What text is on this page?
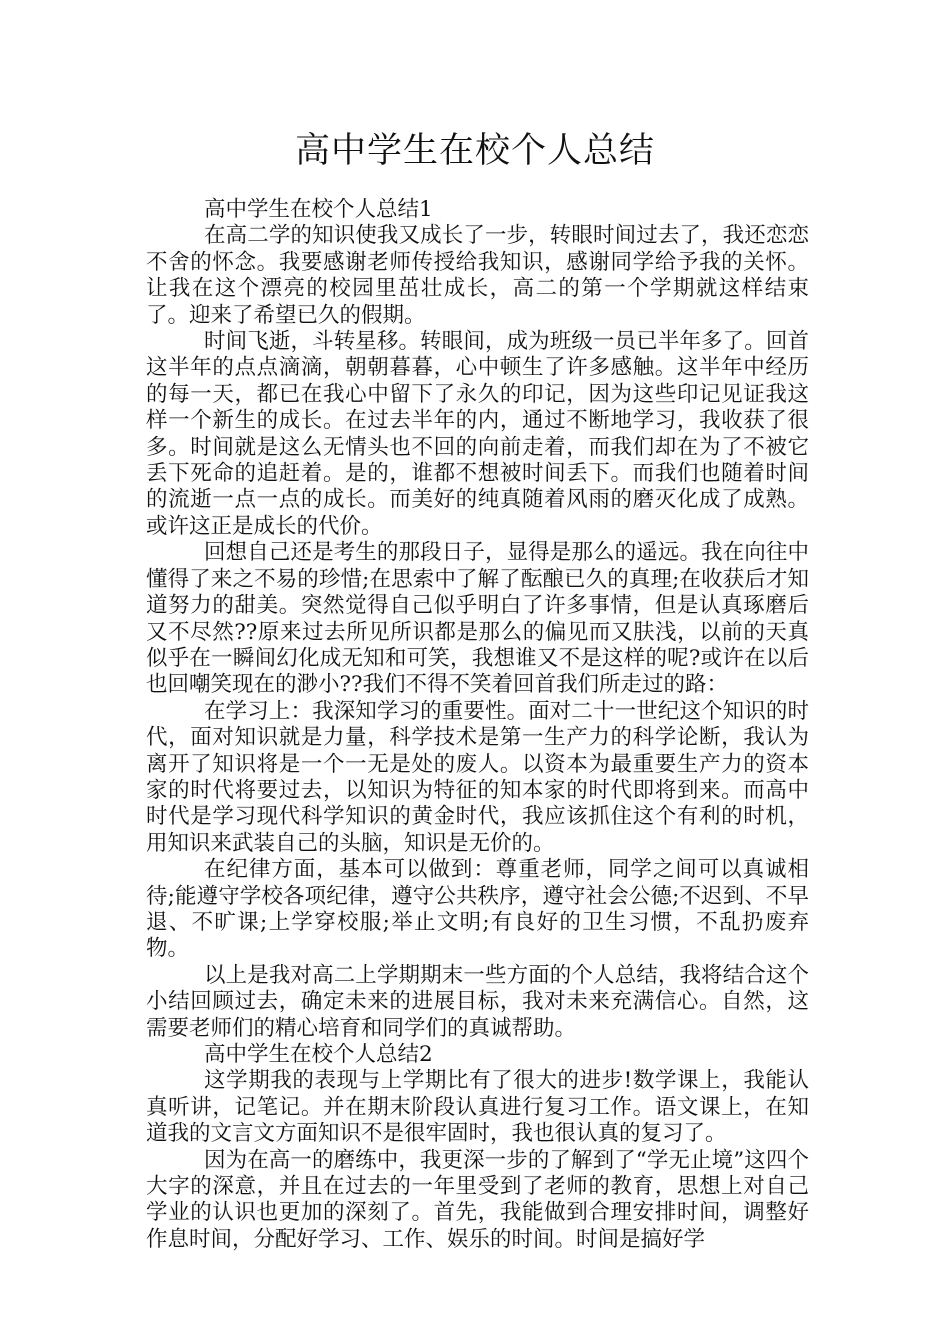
高中学生在校个人总结

高中学生在校个人总结1

在高二学的知识使我又成长了一步，转眼时间过去了，我还恋恋不舍的怀念。我要感谢老师传授给我知识，感谢同学给予我的关怀。让我在这个漂亮的校园里茁壮成长，高二的第一个学期就这样结束了。迎来了希望已久的假期。

时间飞逝，斗转星移。转眼间，成为班级一员已半年多了。回首这半年的点点滴滴，朝朝暮暮，心中顿生了许多感触。这半年中经历的每一天，都已在我心中留下了永久的印记，因为这些印记见证我这样一个新生的成长。在过去半年的内，通过不断地学习，我收获了很多。时间就是这么无情头也不回的向前走着，而我们却在为了不被它丢下死命的追赶着。是的，谁都不想被时间丢下。而我们也随着时间的流逝一点一点的成长。而美好的纯真随着风雨的磨灭化成了成熟。或许这正是成长的代价。

回想自己还是考生的那段日子，显得是那么的遥远。我在向往中懂得了来之不易的珍惜;在思索中了解了酝酿已久的真理;在收获后才知道努力的甜美。突然觉得自己似乎明白了许多事情，但是认真琢磨后又不尽然??原来过去所见所识都是那么的偏见而又肤浅，以前的天真似乎在一瞬间幻化成无知和可笑，我想谁又不是这样的呢?或许在以后也回嘲笑现在的渺小??我们不得不笑着回首我们所走过的路：

在学习上：我深知学习的重要性。面对二十一世纪这个知识的时代，面对知识就是力量，科学技术是第一生产力的科学论断，我认为离开了知识将是一个一无是处的废人。以资本为最重要生产力的资本家的时代将要过去，以知识为特征的知本家的时代即将到来。而高中时代是学习现代科学知识的黄金时代，我应该抓住这个有利的时机，用知识来武装自己的头脑，知识是无价的。

在纪律方面，基本可以做到：尊重老师，同学之间可以真诚相待;能遵守学校各项纪律，遵守公共秩序，遵守社会公德;不迟到、不早退、不旷课;上学穿校服;举止文明;有良好的卫生习惯，不乱扔废弃物。

以上是我对高二上学期期末一些方面的个人总结，我将结合这个小结回顾过去，确定未来的进展目标，我对未来充满信心。自然，这需要老师们的精心培育和同学们的真诚帮助。

高中学生在校个人总结2

这学期我的表现与上学期比有了很大的进步!数学课上，我能认真听讲，记笔记。并在期末阶段认真进行复习工作。语文课上，在知道我的文言文方面知识不是很牢固时，我也很认真的复习了。

因为在高一的磨练中，我更深一步的了解到了“学无止境”这四个大字的深意，并且在过去的一年里受到了老师的教育，思想上对自己学业的认识也更加的深刻了。首先，我能做到合理安排时间，调整好作息时间，分配好学习、工作、娱乐的时间。时间是搞好学
